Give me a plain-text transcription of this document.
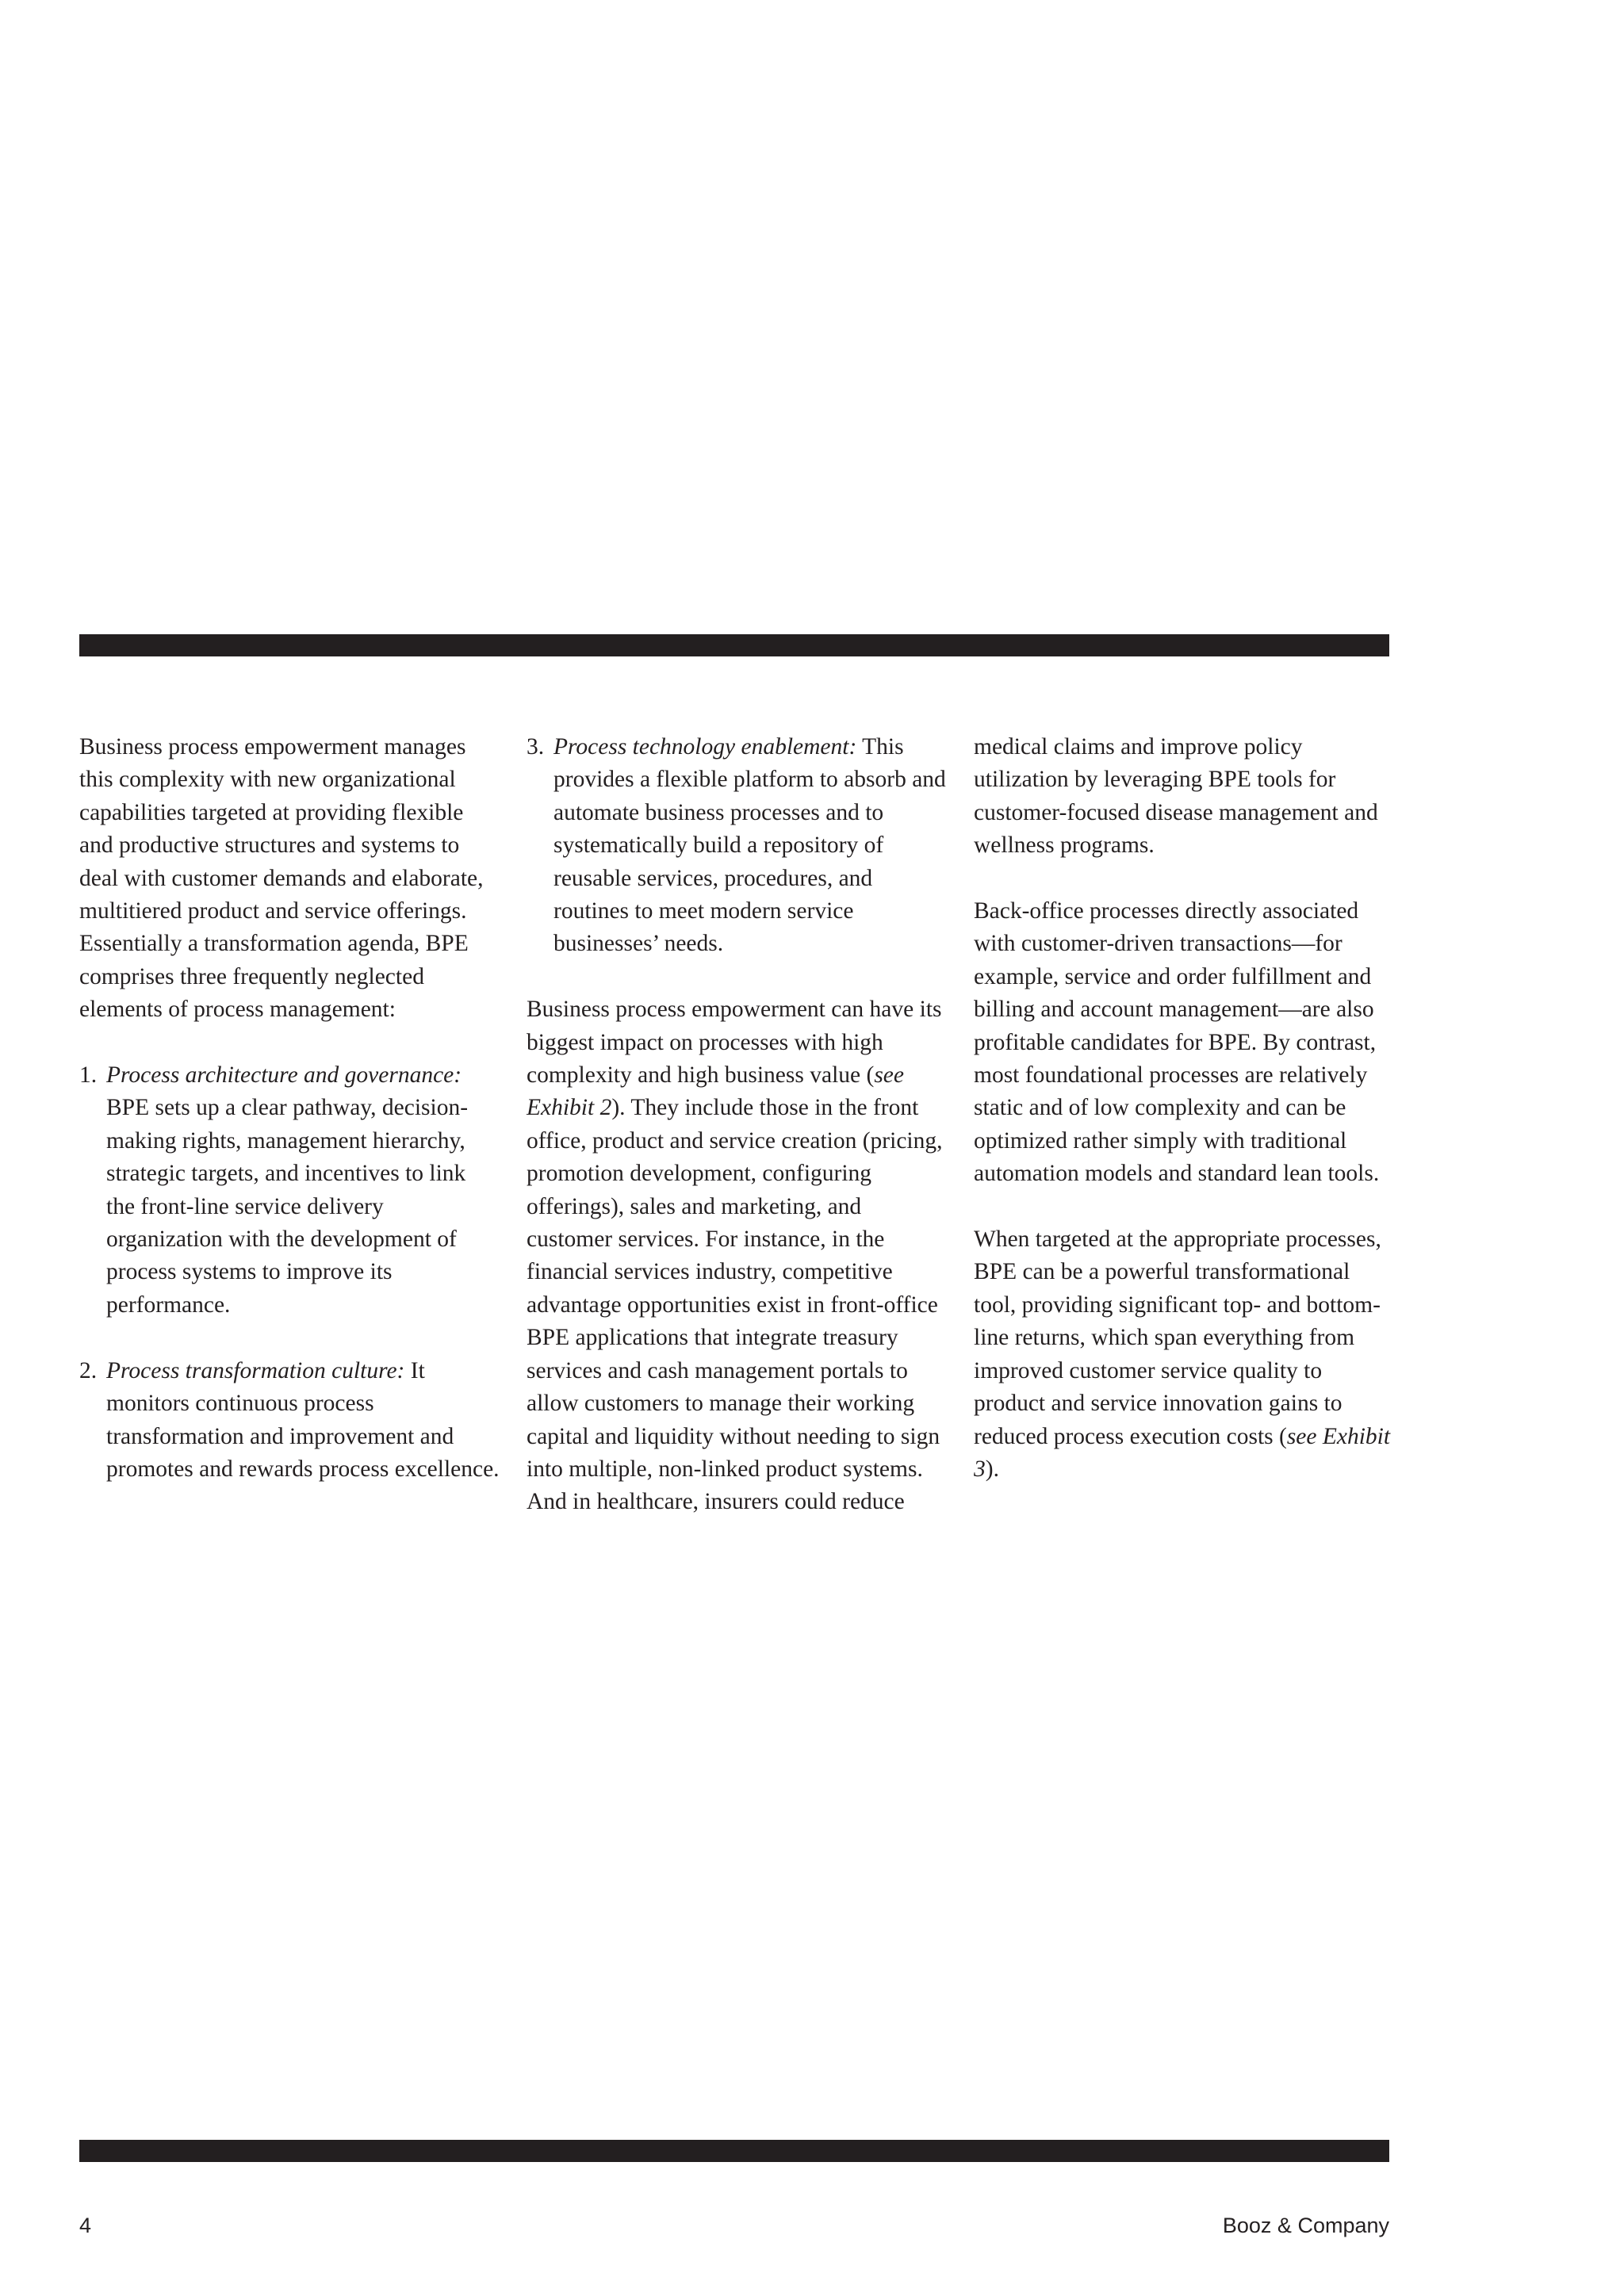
Business process empowerment manages this complexity with new organizational capabilities targeted at providing flexible and productive structures and systems to deal with customer demands and elaborate, multitiered product and service offerings. Essentially a transformation agenda, BPE comprises three frequently neglected elements of process management:

1. Process architecture and governance: BPE sets up a clear pathway, decision-making rights, management hierarchy, strategic targets, and incentives to link the front-line service delivery organization with the development of process systems to improve its performance.
2. Process transformation culture: It monitors continuous process transformation and improvement and promotes and rewards process excellence.
3. Process technology enablement: This provides a flexible platform to absorb and automate business processes and to systematically build a repository of reusable services, procedures, and routines to meet modern service businesses’ needs.

Business process empowerment can have its biggest impact on processes with high complexity and high business value (see Exhibit 2). They include those in the front office, product and service creation (pricing, promotion development, configuring offerings), sales and marketing, and customer services. For instance, in the financial services industry, competitive advantage opportunities exist in front-office BPE applications that integrate treasury services and cash management portals to allow customers to manage their working capital and liquidity without needing to sign into multiple, non-linked product systems. And in healthcare, insurers could reduce

medical claims and improve policy utilization by leveraging BPE tools for customer-focused disease management and wellness programs.

Back-office processes directly associated with customer-driven transactions—for example, service and order fulfillment and billing and account management—are also profitable candidates for BPE. By contrast, most foundational processes are relatively static and of low complexity and can be optimized rather simply with traditional automation models and standard lean tools.

When targeted at the appropriate processes, BPE can be a powerful transformational tool, providing significant top- and bottom-line returns, which span everything from improved customer service quality to product and service innovation gains to reduced process execution costs (see Exhibit 3).

4	Booz & Company
